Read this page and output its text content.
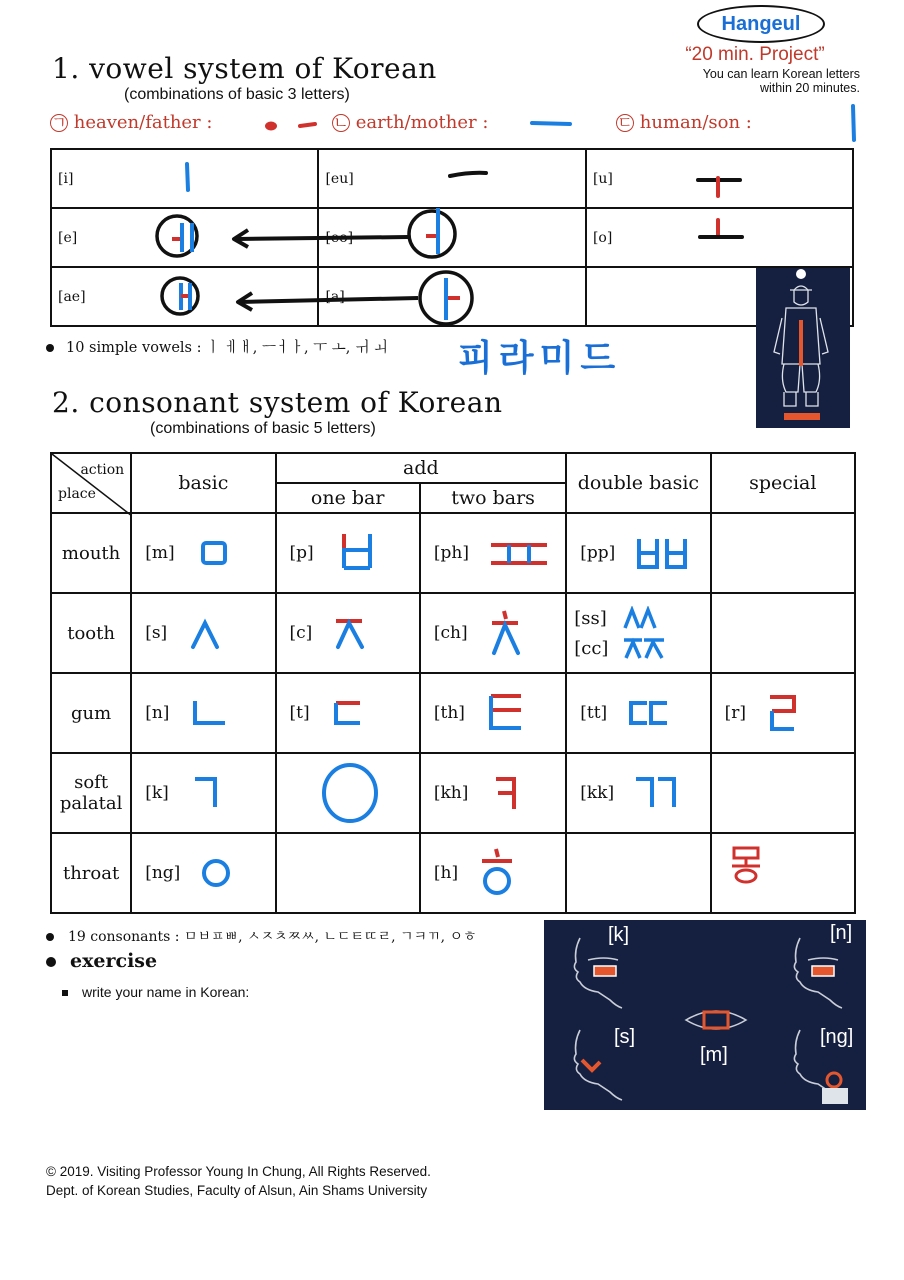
Hangeul
“20 min. Project”
You can learn Korean letters
within 20 minutes.
1. vowel system of Korean
(combinations of basic 3 letters)
ㄱ heaven/father :	ㄴ earth/mother :	ㄷ human/son :
[i]	[eu]	[u]
[e]	[eo]	[o]
[ae]	[a]	
10 simple vowels : ㅣ ㅔㅐ, ㅡㅓㅏ, ㅜ ㅗ, ㅟ ㅚ 피라미드
2. consonant system of Korean
(combinations of basic 5 letters)
action
place	basic	add		double basic	special
		one bar	two bars		
mouth	[m]	[p]	[ph]	[pp]	

tooth	[s]	[c]	[ch]	[ss]
[cc]	

gum	[n]	[t]	[th]	[tt]	[r]

soft
palatal	[k]		[kh]	[kk]	

throat	[ng]		[h]

19 consonants : ㅁㅂㅍㅃ, ㅅㅈㅊㅉㅆ, ㄴㄷㅌㄸㄹ, ㄱㅋㄲ, ㅇㅎ
exercise
write your name in Korean:
[k]	[n]
[s]
[m]
[ng]
© 2019. Visiting Professor Young In Chung, All Rights Reserved.
Dept. of Korean Studies, Faculty of Alsun, Ain Shams University
